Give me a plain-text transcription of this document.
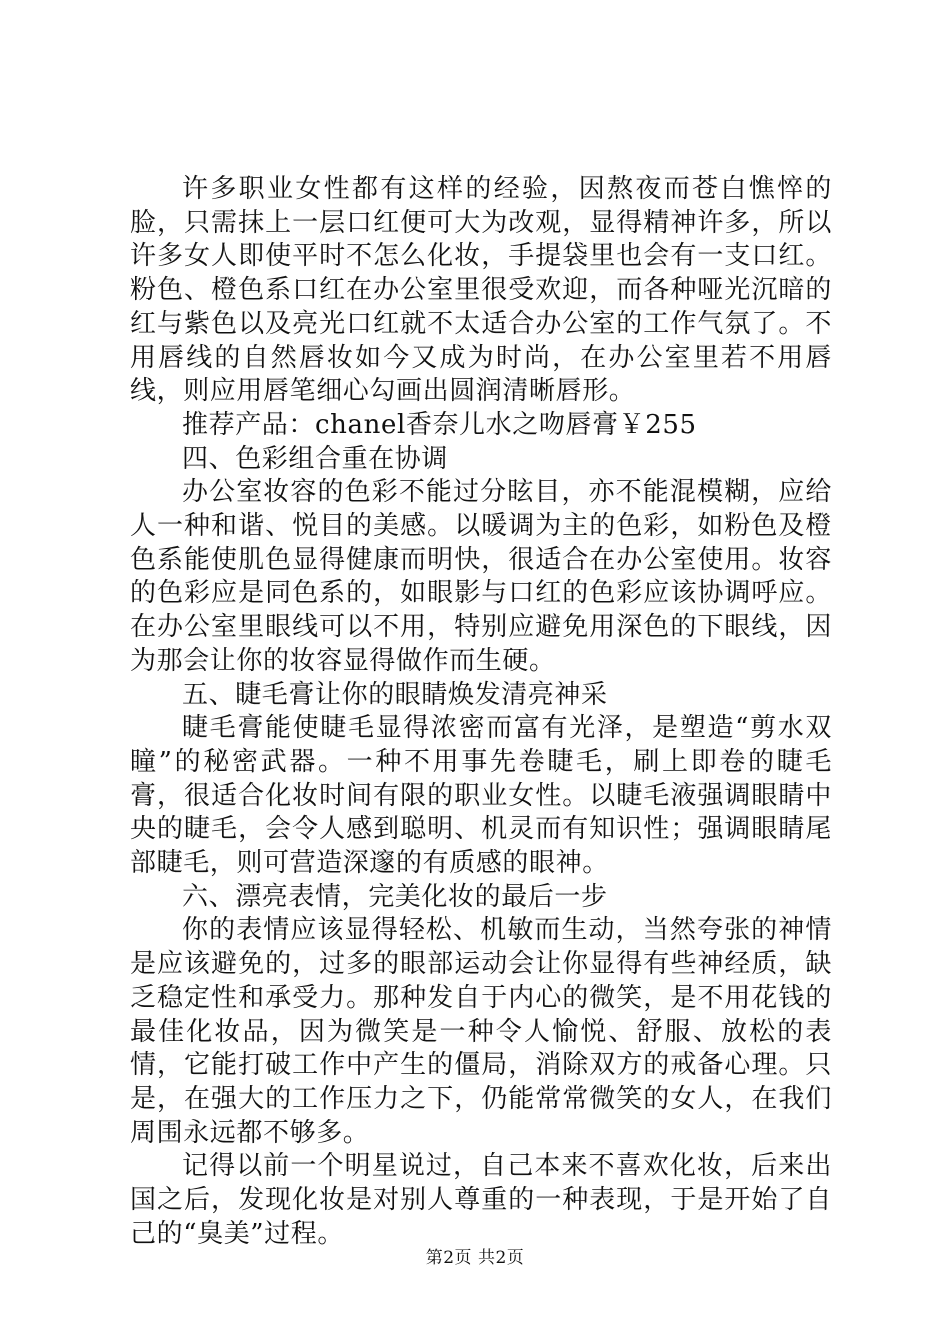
许多职业女性都有这样的经验，因熬夜而苍白憔悴的脸，只需抹上一层口红便可大为改观，显得精神许多，所以许多女人即使平时不怎么化妆，手提袋里也会有一支口红。粉色、橙色系口红在办公室里很受欢迎，而各种哑光沉暗的红与紫色以及亮光口红就不太适合办公室的工作气氛了。不用唇线的自然唇妆如今又成为时尚，在办公室里若不用唇线，则应用唇笔细心勾画出圆润清晰唇形。

推荐产品：chanel香奈儿水之吻唇膏￥255

四、色彩组合重在协调

办公室妆容的色彩不能过分眩目，亦不能混模糊，应给人一种和谐、悦目的美感。以暖调为主的色彩，如粉色及橙色系能使肌色显得健康而明快，很适合在办公室使用。妆容的色彩应是同色系的，如眼影与口红的色彩应该协调呼应。在办公室里眼线可以不用，特别应避免用深色的下眼线，因为那会让你的妆容显得做作而生硬。

五、睫毛膏让你的眼睛焕发清亮神采

睫毛膏能使睫毛显得浓密而富有光泽，是塑造“剪水双瞳”的秘密武器。一种不用事先卷睫毛，刷上即卷的睫毛膏，很适合化妆时间有限的职业女性。以睫毛液强调眼睛中央的睫毛，会令人感到聪明、机灵而有知识性；强调眼睛尾部睫毛，则可营造深邃的有质感的眼神。

六、漂亮表情，完美化妆的最后一步

你的表情应该显得轻松、机敏而生动，当然夸张的神情是应该避免的，过多的眼部运动会让你显得有些神经质，缺乏稳定性和承受力。那种发自于内心的微笑，是不用花钱的最佳化妆品，因为微笑是一种令人愉悦、舒服、放松的表情，它能打破工作中产生的僵局，消除双方的戒备心理。只是，在强大的工作压力之下，仍能常常微笑的女人，在我们周围永远都不够多。

记得以前一个明星说过，自己本来不喜欢化妆，后来出国之后，发现化妆是对别人尊重的一种表现，于是开始了自己的“臭美”过程。

第2页 共2页
